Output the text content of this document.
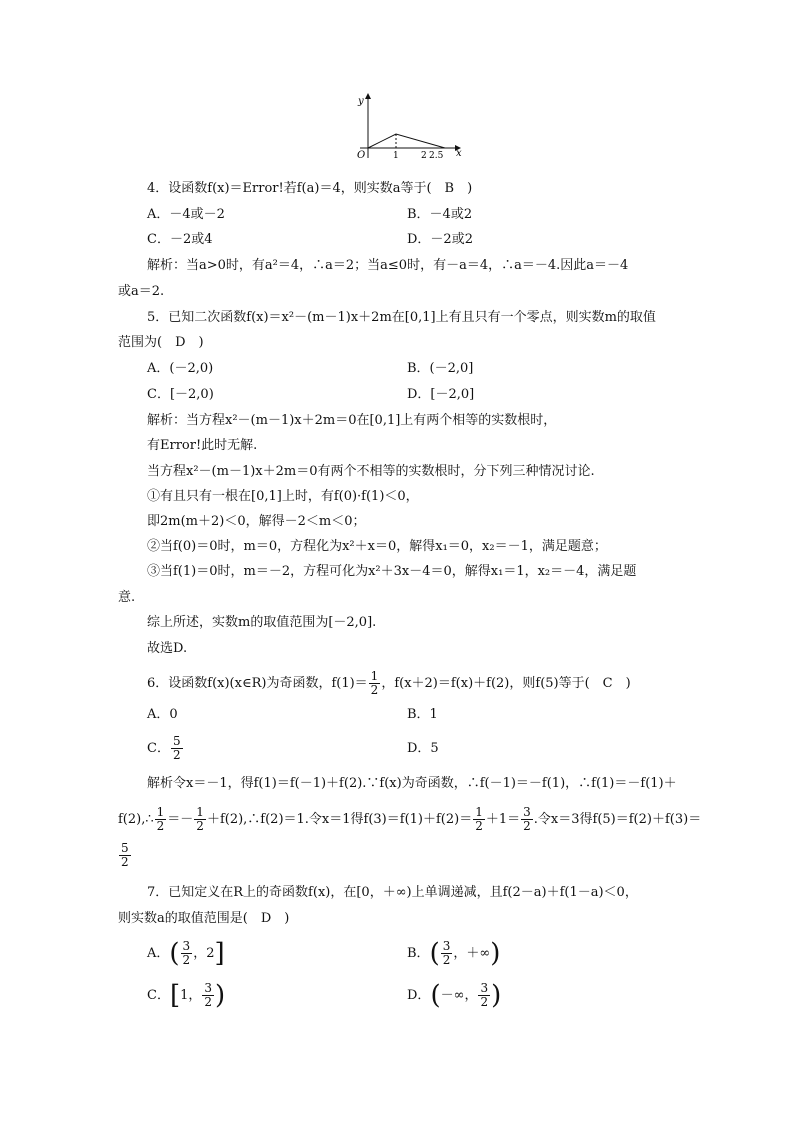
y
x
O	1 2 2.5
4．设函数f(x)＝Error!若f(a)＝4，则实数a等于(　B　)
A．－4或－2	B．－4或2
C．－2或4	D．－2或2
解析：当a>0时，有a²＝4，∴a＝2；当a≤0时，有－a＝4，∴a＝－4.因此a＝－4
或a＝2.
5．已知二次函数f(x)＝x²－(m－1)x＋2m在[0,1]上有且只有一个零点，则实数m的取值
范围为(　D　)
A．(－2,0)	B．(－2,0]
C．[－2,0)	D．[－2,0]
解析：当方程x²－(m－1)x＋2m＝0在[0,1]上有两个相等的实数根时，
有Error!此时无解.
当方程x²－(m－1)x＋2m＝0有两个不相等的实数根时，分下列三种情况讨论.
①有且只有一根在[0,1]上时，有f(0)·f(1)＜0，
即2m(m＋2)＜0，解得－2＜m＜0；
②当f(0)＝0时，m＝0，方程化为x²＋x＝0，解得x₁＝0，x₂＝－1，满足题意；
③当f(1)＝0时，m＝－2，方程可化为x²＋3x－4＝0，解得x₁＝1，x₂＝－4，满足题
意.
综上所述，实数m的取值范围为[－2,0].
故选D.
6．设函数f(x)(x∈R)为奇函数，$f(1)= \frac{1}{2}$ ，f(x＋2)＝f(x)＋f(2)，则f(5)等于(　C　)
A．0	B．1
C． $\frac{5}{2}$	D．5
解析令x＝－1，得f(1)＝f(－1)＋f(2).∵f(x)为奇函数，∴f(－1)＝－f(1)，∴f(1)＝－f(1)＋
f(2),∴ $\frac{1}{2} =- \frac{1}{2}$ ＋f(2),∴f(2)＝1.令x＝1得$f(3)=f(1)+f(2)= \frac{1}{2} +1= \frac{3}{2}$ .令x＝3得f(5)＝f(2)＋f(3)＝
$\frac{5}{2}$
7．已知定义在R上的奇函数f(x)，在[0，＋∞)上单调递减，且f(2－a)＋f(1－a)＜0，
则实数a的取值范围是(　D　)
A．( $\frac{3}{2}$ ，2]	B．( $\frac{3}{2}$ ，＋∞)
C．[1， $\frac{3}{2}$ )	D．(－∞， $\frac{3}{2}$ )
